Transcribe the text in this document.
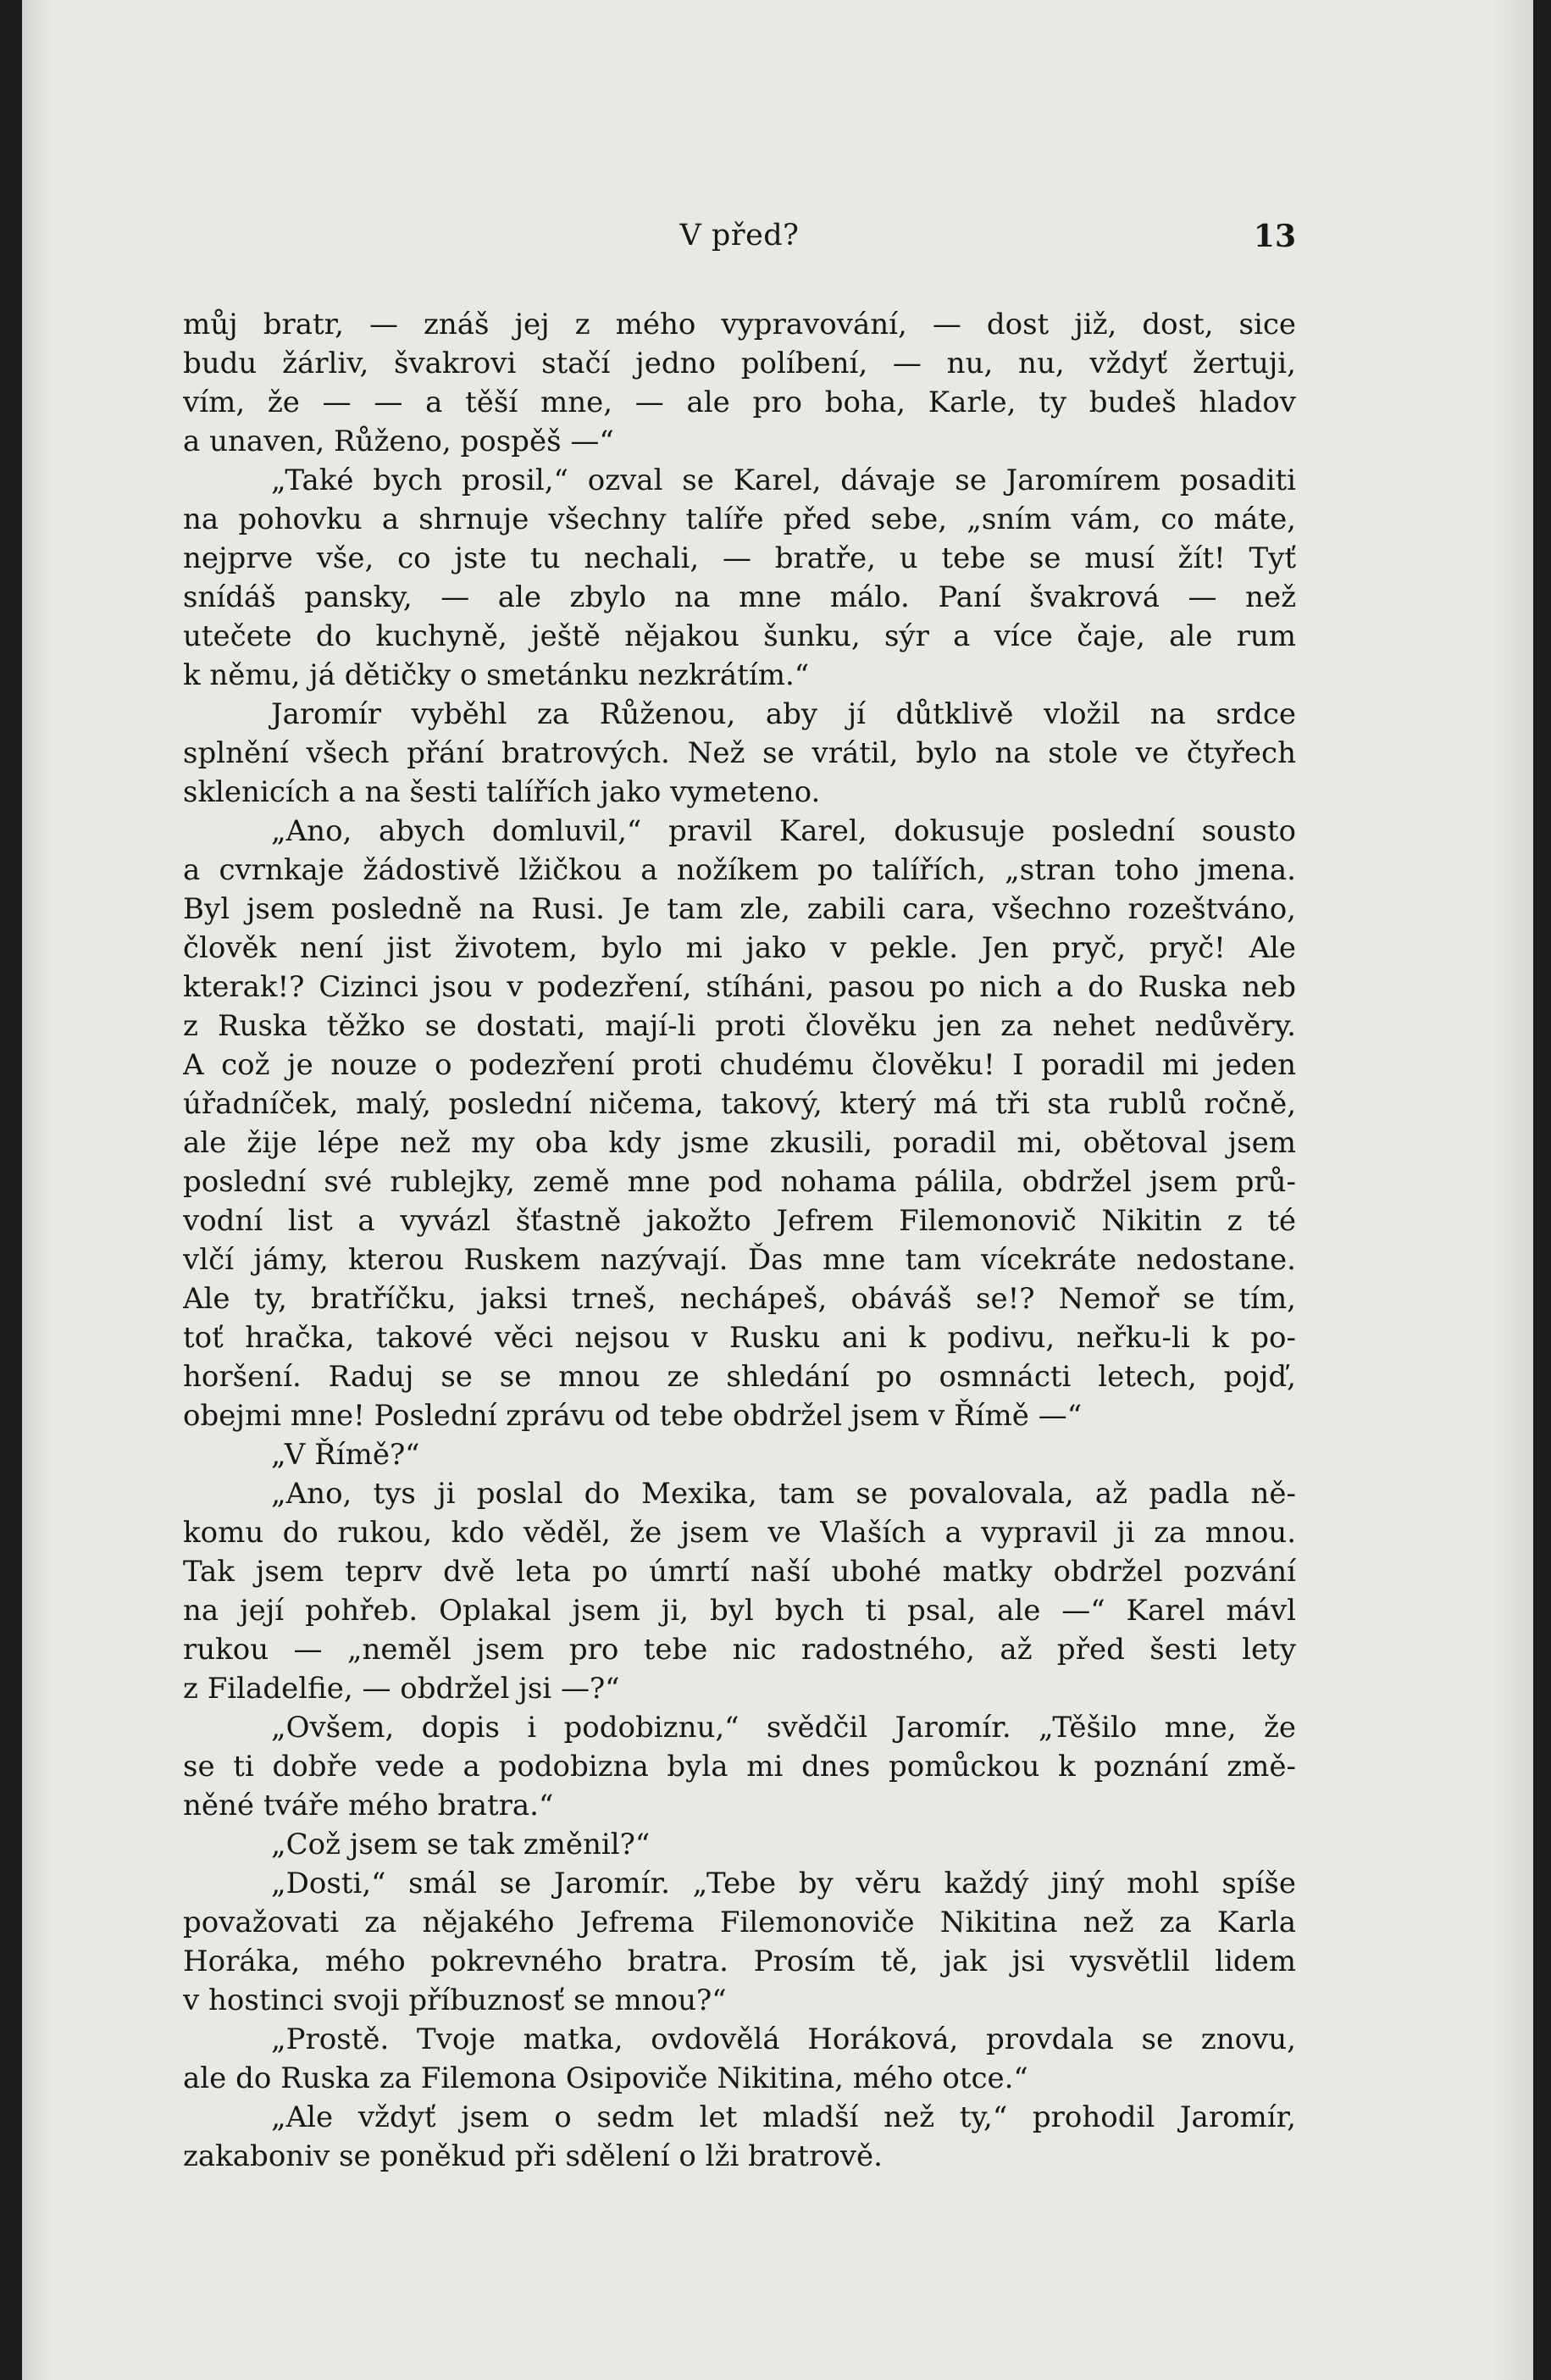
V před?	13
můj bratr, — znáš jej z mého vypravování, — dost již, dost, sice
budu žárliv, švakrovi stačí jedno políbení, — nu, nu, vždyť žertuji,
vím, že — — a těší mne, — ale pro boha, Karle, ty budeš hladov
a unaven, Růženo, pospěš —“
„Také bych prosil,“ ozval se Karel, dávaje se Jaromírem posaditi
na pohovku a shrnuje všechny talíře před sebe, „sním vám, co máte,
nejprve vše, co jste tu nechali, — bratře, u tebe se musí žít! Tyť
snídáš pansky, — ale zbylo na mne málo. Paní švakrová — než
utečete do kuchyně, ještě nějakou šunku, sýr a více čaje, ale rum
k němu, já dětičky o smetánku nezkrátím.“
Jaromír vyběhl za Růženou, aby jí důtklivě vložil na srdce
splnění všech přání bratrových. Než se vrátil, bylo na stole ve čtyřech
sklenicích a na šesti talířích jako vymeteno.
„Ano, abych domluvil,“ pravil Karel, dokusuje poslední sousto
a cvrnkaje žádostivě lžičkou a nožíkem po talířích, „stran toho jmena.
Byl jsem posledně na Rusi. Je tam zle, zabili cara, všechno rozeštváno,
člověk není jist životem, bylo mi jako v pekle. Jen pryč, pryč! Ale
kterak!? Cizinci jsou v podezření, stíháni, pasou po nich a do Ruska neb
z Ruska těžko se dostati, mají-li proti člověku jen za nehet nedůvěry.
A což je nouze o podezření proti chudému člověku! I poradil mi jeden
úřadníček, malý, poslední ničema, takový, který má tři sta rublů ročně,
ale žije lépe než my oba kdy jsme zkusili, poradil mi, obětoval jsem
poslední své rublejky, země mne pod nohama pálila, obdržel jsem prů-
vodní list a vyvázl šťastně jakožto Jefrem Filemonovič Nikitin z té
vlčí jámy, kterou Ruskem nazývají. Ďas mne tam vícekráte nedostane.
Ale ty, bratříčku, jaksi trneš, nechápeš, obáváš se!? Nemoř se tím,
toť hračka, takové věci nejsou v Rusku ani k podivu, neřku-li k po-
horšení. Raduj se se mnou ze shledání po osmnácti letech, pojď,
obejmi mne! Poslední zprávu od tebe obdržel jsem v Římě —“
„V Římě?“
„Ano, tys ji poslal do Mexika, tam se povalovala, až padla ně-
komu do rukou, kdo věděl, že jsem ve Vlaších a vypravil ji za mnou.
Tak jsem teprv dvě leta po úmrtí naší ubohé matky obdržel pozvání
na její pohřeb. Oplakal jsem ji, byl bych ti psal, ale —“ Karel mávl
rukou — „neměl jsem pro tebe nic radostného, až před šesti lety
z Filadelfie, — obdržel jsi —?“
„Ovšem, dopis i podobiznu,“ svědčil Jaromír. „Těšilo mne, že
se ti dobře vede a podobizna byla mi dnes pomůckou k poznání změ-
něné tváře mého bratra.“
„Což jsem se tak změnil?“
„Dosti,“ smál se Jaromír. „Tebe by věru každý jiný mohl spíše
považovati za nějakého Jefrema Filemonoviče Nikitina než za Karla
Horáka, mého pokrevného bratra. Prosím tě, jak jsi vysvětlil lidem
v hostinci svoji příbuznosť se mnou?“
„Prostě. Tvoje matka, ovdovělá Horáková, provdala se znovu,
ale do Ruska za Filemona Osipoviče Nikitina, mého otce.“
„Ale vždyť jsem o sedm let mladší než ty,“ prohodil Jaromír,
zakaboniv se poněkud při sdělení o lži bratrově.
